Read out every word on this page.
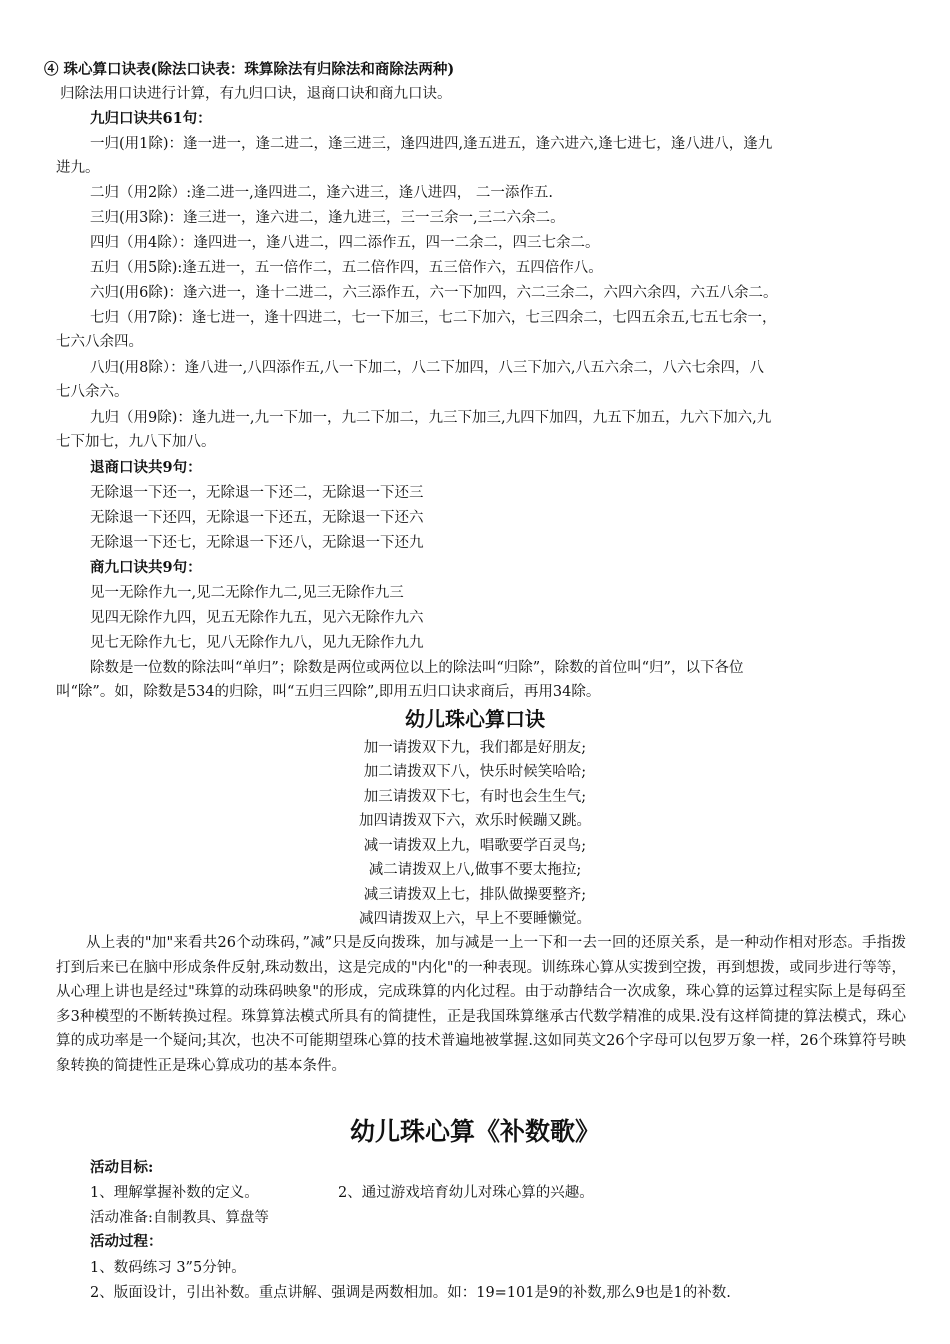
④ 珠心算口诀表(除法口诀表：珠算除法有归除法和商除法两种)
归除法用口诀进行计算，有九归口诀，退商口诀和商九口诀。
九归口诀共61句：
一归(用1除)：逢一进一，逢二进二，逢三进三，逢四进四,逢五进五，逢六进六,逢七进七，逢八进八，逢九
进九。
二归（用2除）:逢二进一,逢四进二，逢六进三，逢八进四， 二一添作五.
三归(用3除)：逢三进一，逢六进二，逢九进三，三一三余一,三二六余二。
四归（用4除）：逢四进一，逢八进二，四二添作五，四一二余二，四三七余二。
五归（用5除):逢五进一，五一倍作二，五二倍作四，五三倍作六，五四倍作八。
六归(用6除)：逢六进一，逢十二进二，六三添作五，六一下加四，六二三余二，六四六余四，六五八余二。
七归（用7除)：逢七进一，逢十四进二，七一下加三，七二下加六，七三四余二，七四五余五,七五七余一，
七六八余四。
八归(用8除）：逢八进一,八四添作五,八一下加二，八二下加四，八三下加六,八五六余二，八六七余四，八
七八余六。
九归（用9除)：逢九进一,九一下加一，九二下加二，九三下加三,九四下加四，九五下加五，九六下加六,九
七下加七，九八下加八。
退商口诀共9句：
无除退一下还一，无除退一下还二，无除退一下还三
无除退一下还四，无除退一下还五，无除退一下还六
无除退一下还七，无除退一下还八，无除退一下还九
商九口诀共9句：
见一无除作九一,见二无除作九二,见三无除作九三
见四无除作九四，见五无除作九五，见六无除作九六
见七无除作九七，见八无除作九八，见九无除作九九
除数是一位数的除法叫“单归”；除数是两位或两位以上的除法叫“归除”，除数的首位叫“归”，以下各位
叫“除”。如，除数是534的归除，叫“五归三四除”,即用五归口诀求商后，再用34除。
幼儿珠心算口诀
加一请拨双下九，我们都是好朋友;
加二请拨双下八，快乐时候笑哈哈;
加三请拨双下七，有时也会生生气;
加四请拨双下六，欢乐时候蹦又跳。
减一请拨双上九，唱歌要学百灵鸟;
减二请拨双上八,做事不要太拖拉;
减三请拨双上七，排队做操要整齐;
减四请拨双上六，早上不要睡懒觉。
从上表的"加"来看共26个动珠码，”减”只是反向拨珠，加与减是一上一下和一去一回的还原关系，是一种动作相对形态。手指拨打到后来已在脑中形成条件反射,珠动数出，这是完成的"内化"的一种表现。训练珠心算从实拨到空拨，再到想拨，或同步进行等等，从心理上讲也是经过"珠算的动珠码映象"的形成，完成珠算的内化过程。由于动静结合一次成象，珠心算的运算过程实际上是每码至多3种模型的不断转换过程。珠算算法模式所具有的简捷性，正是我国珠算继承古代数学精准的成果.没有这样简捷的算法模式，珠心算的成功率是一个疑问;其次，也决不可能期望珠心算的技术普遍地被掌握.这如同英文26个字母可以包罗万象一样，26个珠算符号映象转换的简捷性正是珠心算成功的基本条件。
幼儿珠心算《补数歌》
活动目标:
1、理解掌握补数的定义。	2、通过游戏培育幼儿对珠心算的兴趣。
活动准备:自制教具、算盘等
活动过程：
1、数码练习 3”5分钟。
2、版面设计，引出补数。重点讲解、强调是两数相加。如：19=101是9的补数,那么9也是1的补数.
